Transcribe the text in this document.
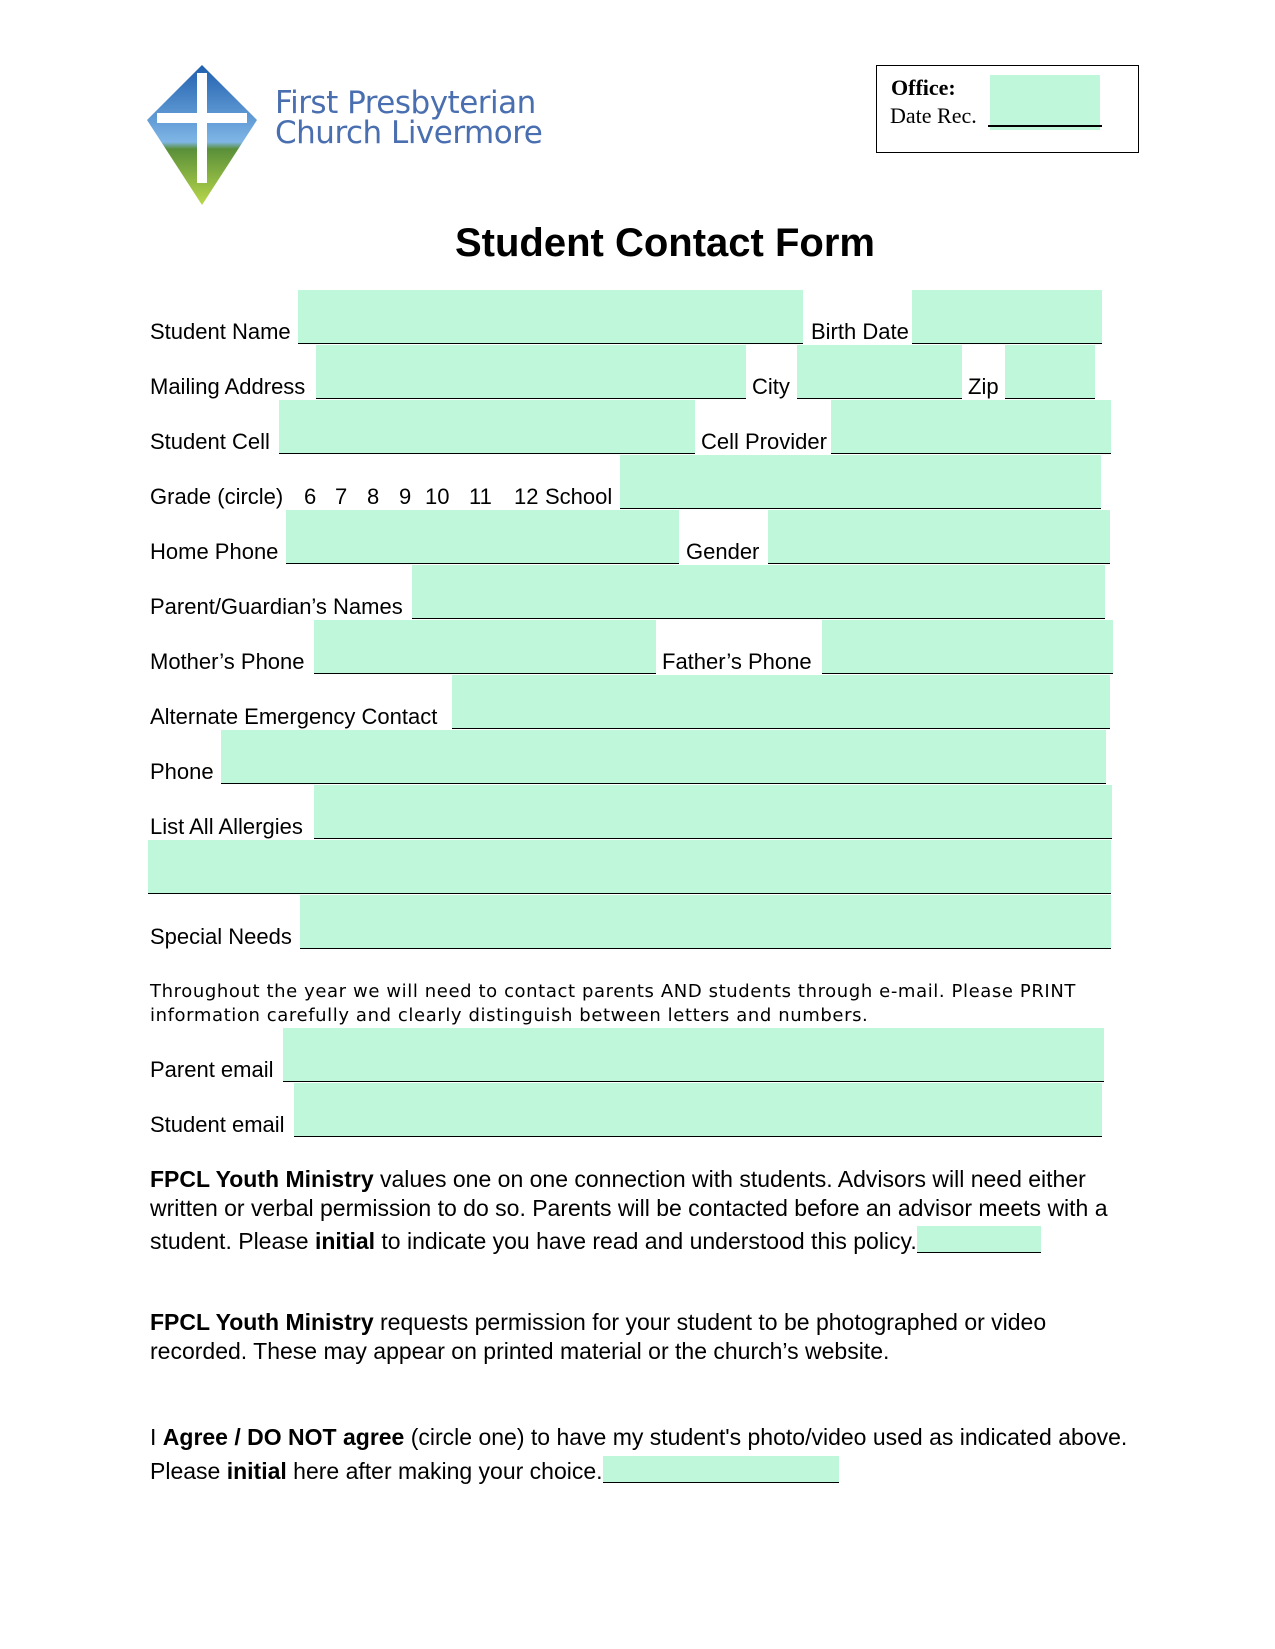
First Presbyterian
Church Livermore
Office:
Date Rec.
Student Contact Form
Student Name	Birth Date
Mailing Address	City	Zip
Student Cell	Cell Provider
Grade (circle) 6 7 8 9 10 11 12 School
Home Phone	Gender
Parent/Guardian’s Names
Mother’s Phone	Father’s Phone
Alternate Emergency Contact
Phone
List All Allergies
Special Needs
Throughout the year we will need to contact parents AND students through e-mail. Please PRINT
information carefully and clearly distinguish between letters and numbers.
Parent email
Student email
FPCL Youth Ministry values one on one connection with students. Advisors will need either written or verbal permission to do so. Parents will be contacted before an advisor meets with a student. Please initial to indicate you have read and understood this policy.
FPCL Youth Ministry requests permission for your student to be photographed or video recorded. These may appear on printed material or the church’s website.
I Agree / DO NOT agree (circle one) to have my student's photo/video used as indicated above. Please initial here after making your choice.
